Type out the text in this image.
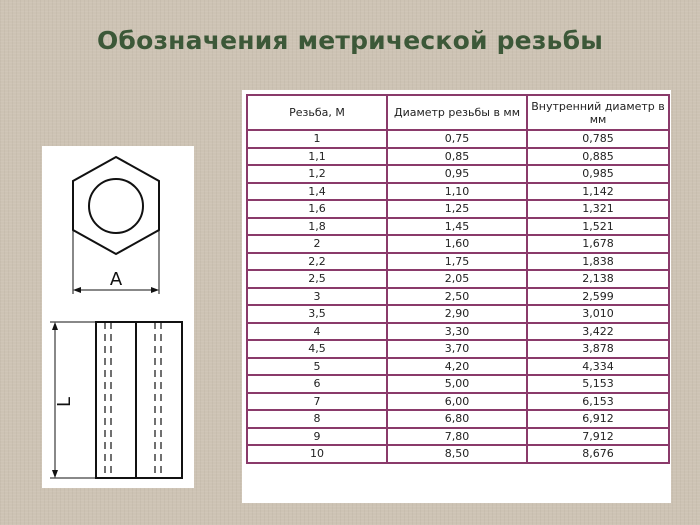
Обозначения метрической резьбы
А
L
Резьба, М	Диаметр резьбы в мм	Внутренний диаметр в мм
1	0,75	0,785
1,1	0,85	0,885
1,2	0,95	0,985
1,4	1,10	1,142
1,6	1,25	1,321
1,8	1,45	1,521
2	1,60	1,678
2,2	1,75	1,838
2,5	2,05	2,138
3	2,50	2,599
3,5	2,90	3,010
4	3,30	3,422
4,5	3,70	3,878
5	4,20	4,334
6	5,00	5,153
7	6,00	6,153
8	6,80	6,912
9	7,80	7,912
10	8,50	8,676
